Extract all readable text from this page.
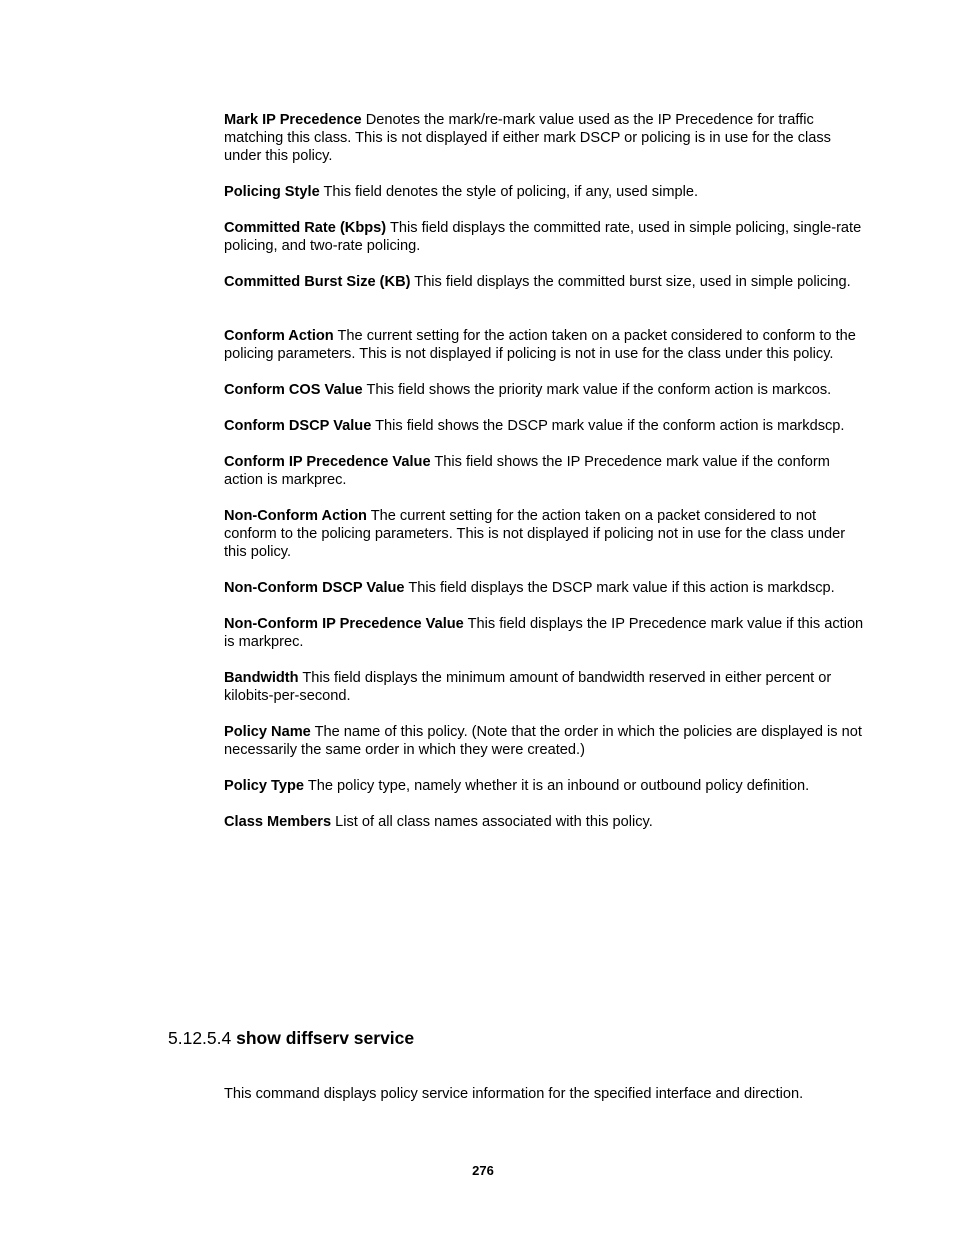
Mark IP Precedence Denotes the mark/re-mark value used as the IP Precedence for traffic matching this class. This is not displayed if either mark DSCP or policing is in use for the class under this policy.

Policing Style This field denotes the style of policing, if any, used simple.

Committed Rate (Kbps) This field displays the committed rate, used in simple policing, single-rate policing, and two-rate policing.

Committed Burst Size (KB) This field displays the committed burst size, used in simple policing.

Conform Action The current setting for the action taken on a packet considered to conform to the policing parameters. This is not displayed if policing is not in use for the class under this policy.

Conform COS Value This field shows the priority mark value if the conform action is markcos.

Conform DSCP Value This field shows the DSCP mark value if the conform action is markdscp.

Conform IP Precedence Value This field shows the IP Precedence mark value if the conform action is markprec.

Non-Conform Action The current setting for the action taken on a packet considered to not conform to the policing parameters. This is not displayed if policing not in use for the class under this policy.

Non-Conform DSCP Value This field displays the DSCP mark value if this action is markdscp.

Non-Conform IP Precedence Value This field displays the IP Precedence mark value if this action is markprec.

Bandwidth This field displays the minimum amount of bandwidth reserved in either percent or kilobits-per-second.

Policy Name The name of this policy. (Note that the order in which the policies are displayed is not necessarily the same order in which they were created.)

Policy Type The policy type, namely whether it is an inbound or outbound policy definition.

Class Members List of all class names associated with this policy.

5.12.5.4 show diffserv service

This command displays policy service information for the specified interface and direction.

276
